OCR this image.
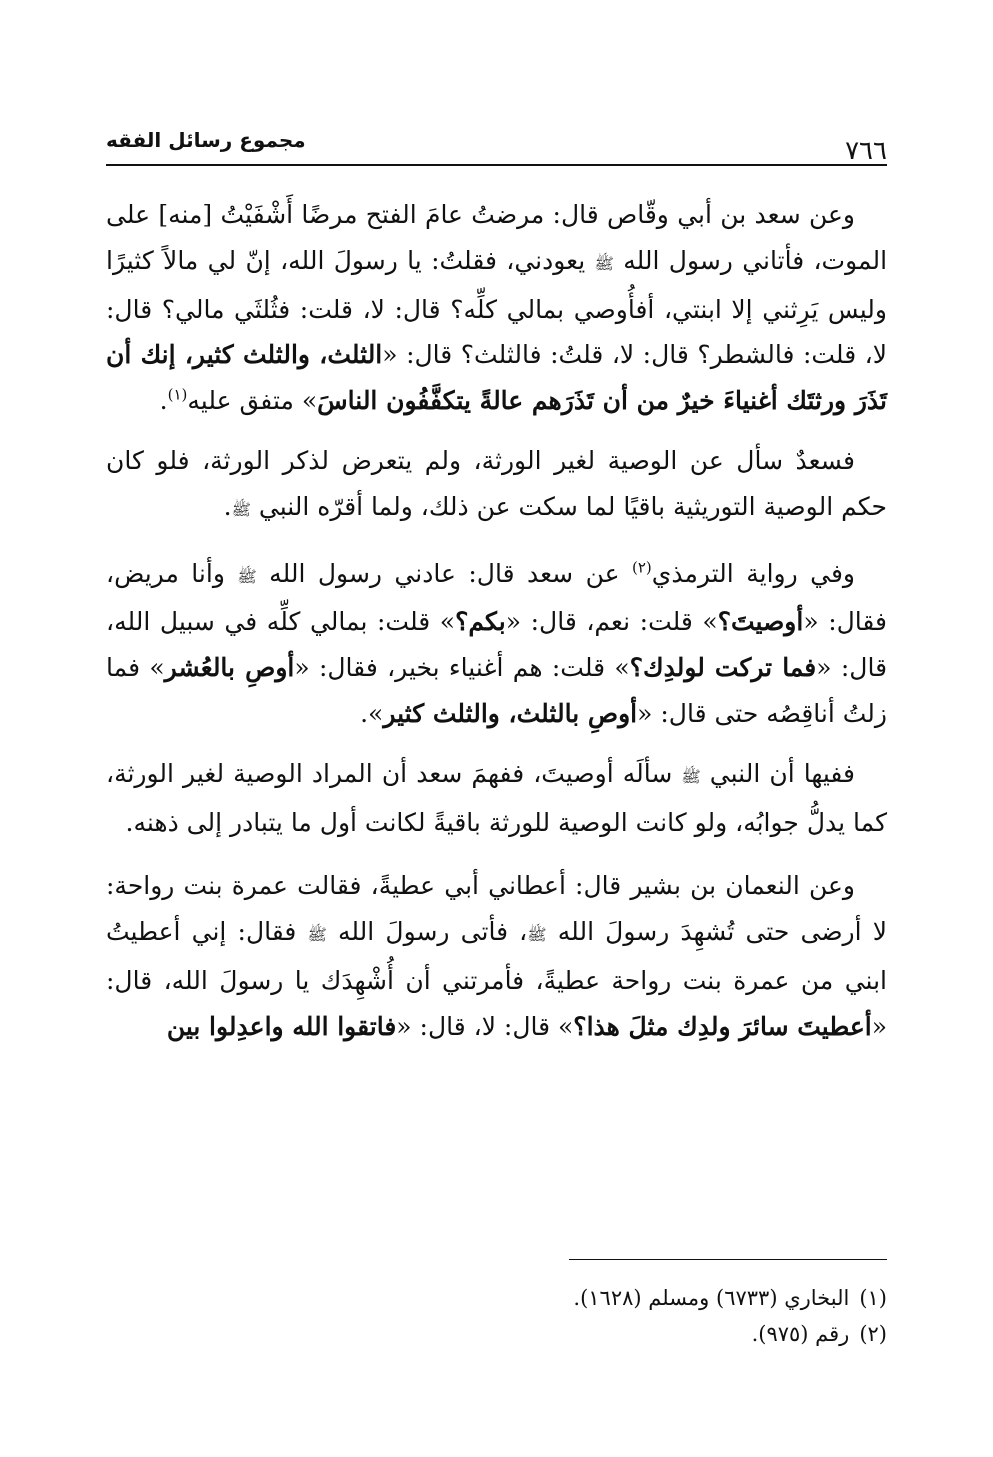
٧٦٦
مجموع رسائل الفقه

وعن سعد بن أبي وقّاص قال: مرضتُ عامَ الفتح مرضًا أَشْفَيْتُ [منه] على الموت، فأتاني رسول الله ﷺ يعودني، فقلتُ: يا رسولَ الله، إنّ لي مالاً كثيرًا وليس يَرِثني إلا ابنتي، أفأُوصي بمالي كلِّه؟ قال: لا، قلت: فثُلثَي مالي؟ قال: لا، قلت: فالشطر؟ قال: لا، قلتُ: فالثلث؟ قال: «الثلث، والثلث كثير، إنك أن تَذَرَ ورثتَك أغنياءَ خيرٌ من أن تَذَرَهم عالةً يتكفَّفُون الناسَ» متفق عليه$^{(١)}$.

فسعدٌ سأل عن الوصية لغير الورثة، ولم يتعرض لذكر الورثة، فلو كان حكم الوصية التوريثية باقيًا لما سكت عن ذلك، ولما أقرّه النبي ﷺ.

وفي رواية الترمذي$^{(٢)}$ عن سعد قال: عادني رسول الله ﷺ وأنا مريض، فقال: «أوصيتَ؟» قلت: نعم، قال: «بكم؟» قلت: بمالي كلِّه في سبيل الله، قال: «فما تركت لولدِك؟» قلت: هم أغنياء بخير، فقال: «أوصِ بالعُشر» فما زلتُ أناقِصُه حتى قال: «أوصِ بالثلث، والثلث كثير».

ففيها أن النبي ﷺ سألَه أوصيتَ، ففهمَ سعد أن المراد الوصية لغير الورثة، كما يدلُّ جوابُه، ولو كانت الوصية للورثة باقيةً لكانت أول ما يتبادر إلى ذهنه.

وعن النعمان بن بشير قال: أعطاني أبي عطيةً، فقالت عمرة بنت رواحة: لا أرضى حتى تُشهِدَ رسولَ الله ﷺ، فأتى رسولَ الله ﷺ فقال: إني أعطيتُ ابني من عمرة بنت رواحة عطيةً، فأمرتني أن أُشْهِدَك يا رسولَ الله، قال: «أعطيتَ سائرَ ولدِك مثلَ هذا؟» قال: لا، قال: «فاتقوا الله واعدِلوا بين

(١)البخاري (٦٧٣٣) ومسلم (١٦٢٨).

(٢)رقم (٩٧٥).
